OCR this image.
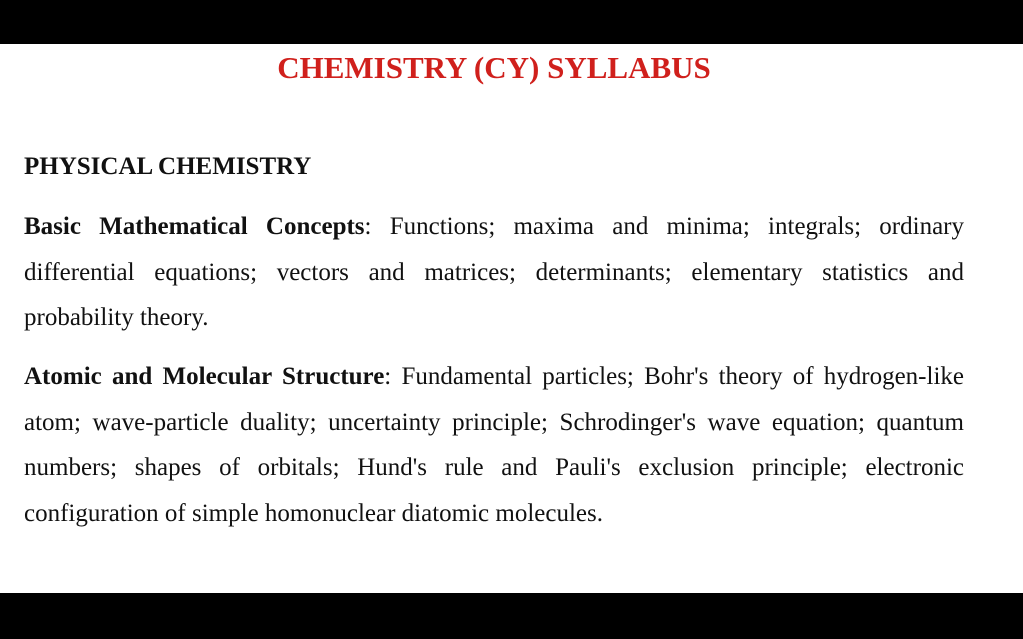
CHEMISTRY (CY) SYLLABUS
PHYSICAL CHEMISTRY

Basic Mathematical Concepts: Functions; maxima and minima; integrals; ordinary differential equations; vectors and matrices; determinants; elementary statistics and probability theory.

Atomic and Molecular Structure: Fundamental particles; Bohr's theory of hydrogen-like atom; wave-particle duality; uncertainty principle; Schrodinger's wave equation; quantum numbers; shapes of orbitals; Hund's rule and Pauli's exclusion principle; electronic configuration of simple homonuclear diatomic molecules.
